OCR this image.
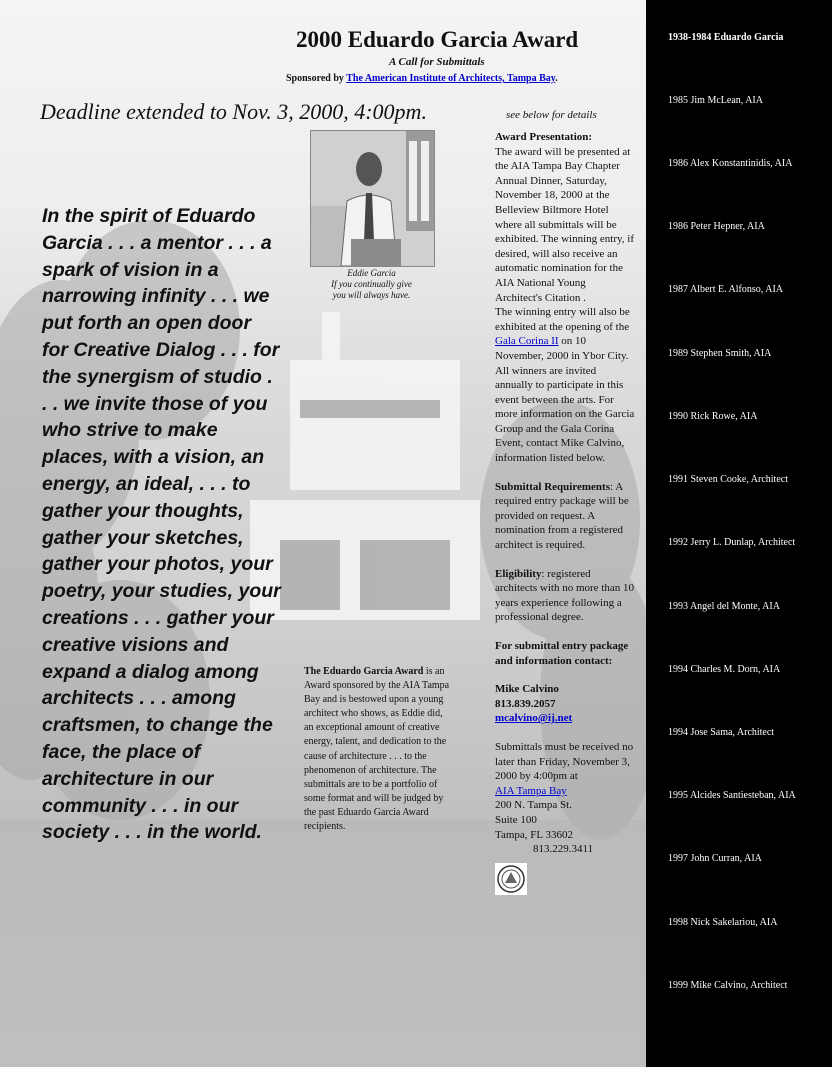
2000 Eduardo Garcia Award
A Call for Submittals
Sponsored by The American Institute of Architects, Tampa Bay.
Deadline extended to Nov. 3, 2000, 4:00pm.	see below for details
Eddie Garcia
If you continually give
you will always have.
In the spirit of Eduardo Garcia . . . a mentor . . . a spark of vision in a narrowing infinity . . . we put forth an open door for Creative Dialog . . . for the synergism of studio . . . we invite those of you who strive to make places, with a vision, an energy, an ideal, . . . to gather your thoughts, gather your sketches, gather your photos, your poetry, your studies, your creations . . . gather your creative visions and expand a dialog among architects . . . among craftsmen, to change the face, the place of architecture in our community . . . in our society . . . in the world.
The Eduardo Garcia Award is an Award sponsored by the AIA Tampa Bay and is bestowed upon a young architect who shows, as Eddie did, an exceptional amount of creative energy, talent, and dedication to the cause of architecture . . . to the phenomenon of architecture. The submittals are to be a portfolio of some format and will be judged by the past Eduardo Garcia Award recipients.

Award Presentation:
The award will be presented at the AIA Tampa Bay Chapter Annual Dinner, Saturday, November 18, 2000 at the Belleview Biltmore Hotel where all submittals will be exhibited. The winning entry, if desired, will also receive an automatic nomination for the AIA National Young Architect's Citation .

The winning entry will also be exhibited at the opening of the Gala Corina II on 10 November, 2000 in Ybor City. All winners are invited annually to participate in this event between the arts. For more information on the Garcia Group and the Gala Corina Event, contact Mike Calvino, information listed below.

Submittal Requirements: A required entry package will be provided on request. A nomination from a registered architect is required.

Eligibility: registered architects with no more than 10 years experience following a professional degree.

For submittal entry package and information contact:

Mike Calvino

813.839.2057

mcalvino@ij.net

Submittals must be received no later than Friday, November 3, 2000 by 4:00pm at

AIA Tampa Bay

200 N. Tampa St.

Suite 100

Tampa, FL 33602

813.229.3411

1938-1984 Eduardo Garcia
1985 Jim McLean, AIA
1986 Alex Konstantinidis, AIA
1986 Peter Hepner, AIA
1987 Albert E. Alfonso, AIA
1989 Stephen Smith, AIA
1990 Rick Rowe, AIA
1991 Steven Cooke, Architect
1992 Jerry L. Dunlap, Architect
1993 Angel del Monte, AIA
1994 Charles M. Dorn, AIA
1994 Jose Sama, Architect
1995 Alcides Santiesteban, AIA
1997 John Curran, AIA
1998 Nick Sakelariou, AIA
1999 Mike Calvino, Architect
